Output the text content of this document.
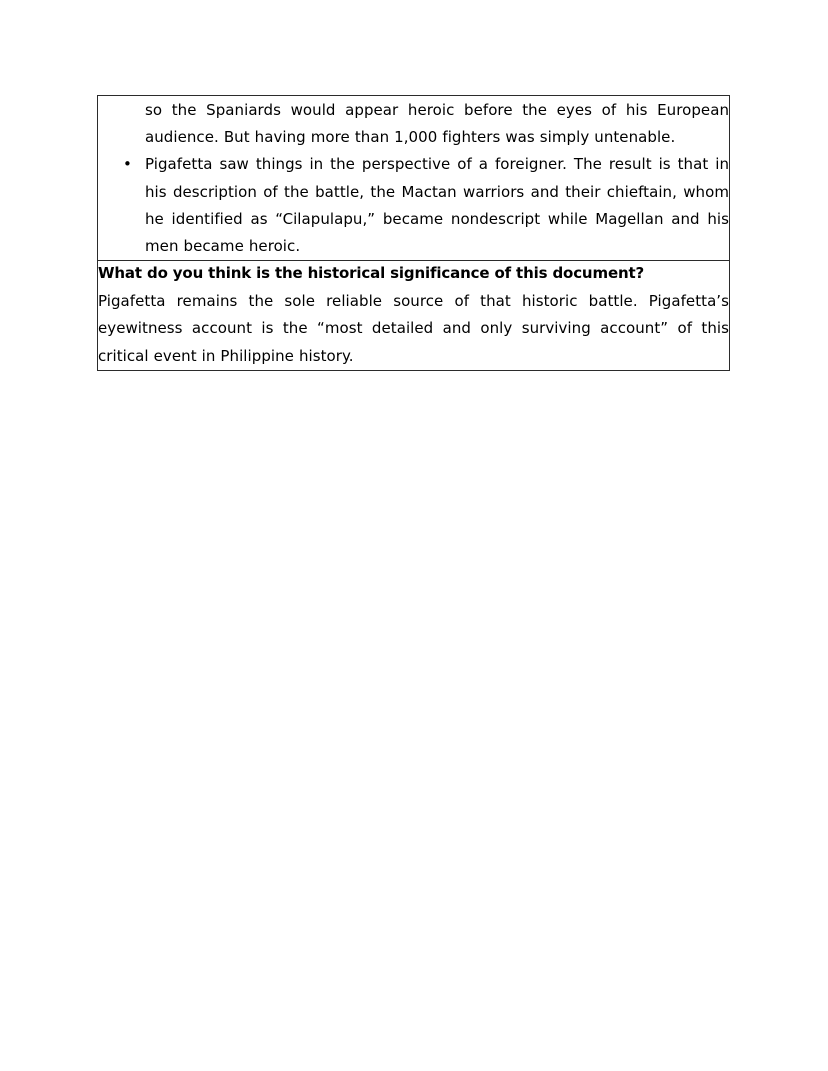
so the Spaniards would appear heroic before the eyes of his European audience. But having more than 1,000 fighters was simply untenable.

• Pigafetta saw things in the perspective of a foreigner. The result is that in his description of the battle, the Mactan warriors and their chieftain, whom he identified as “Cilapulapu,” became nondescript while Magellan and his men became heroic.

What do you think is the historical significance of this document?

Pigafetta remains the sole reliable source of that historic battle. Pigafetta’s eyewitness account is the “most detailed and only surviving account” of this critical event in Philippine history.
